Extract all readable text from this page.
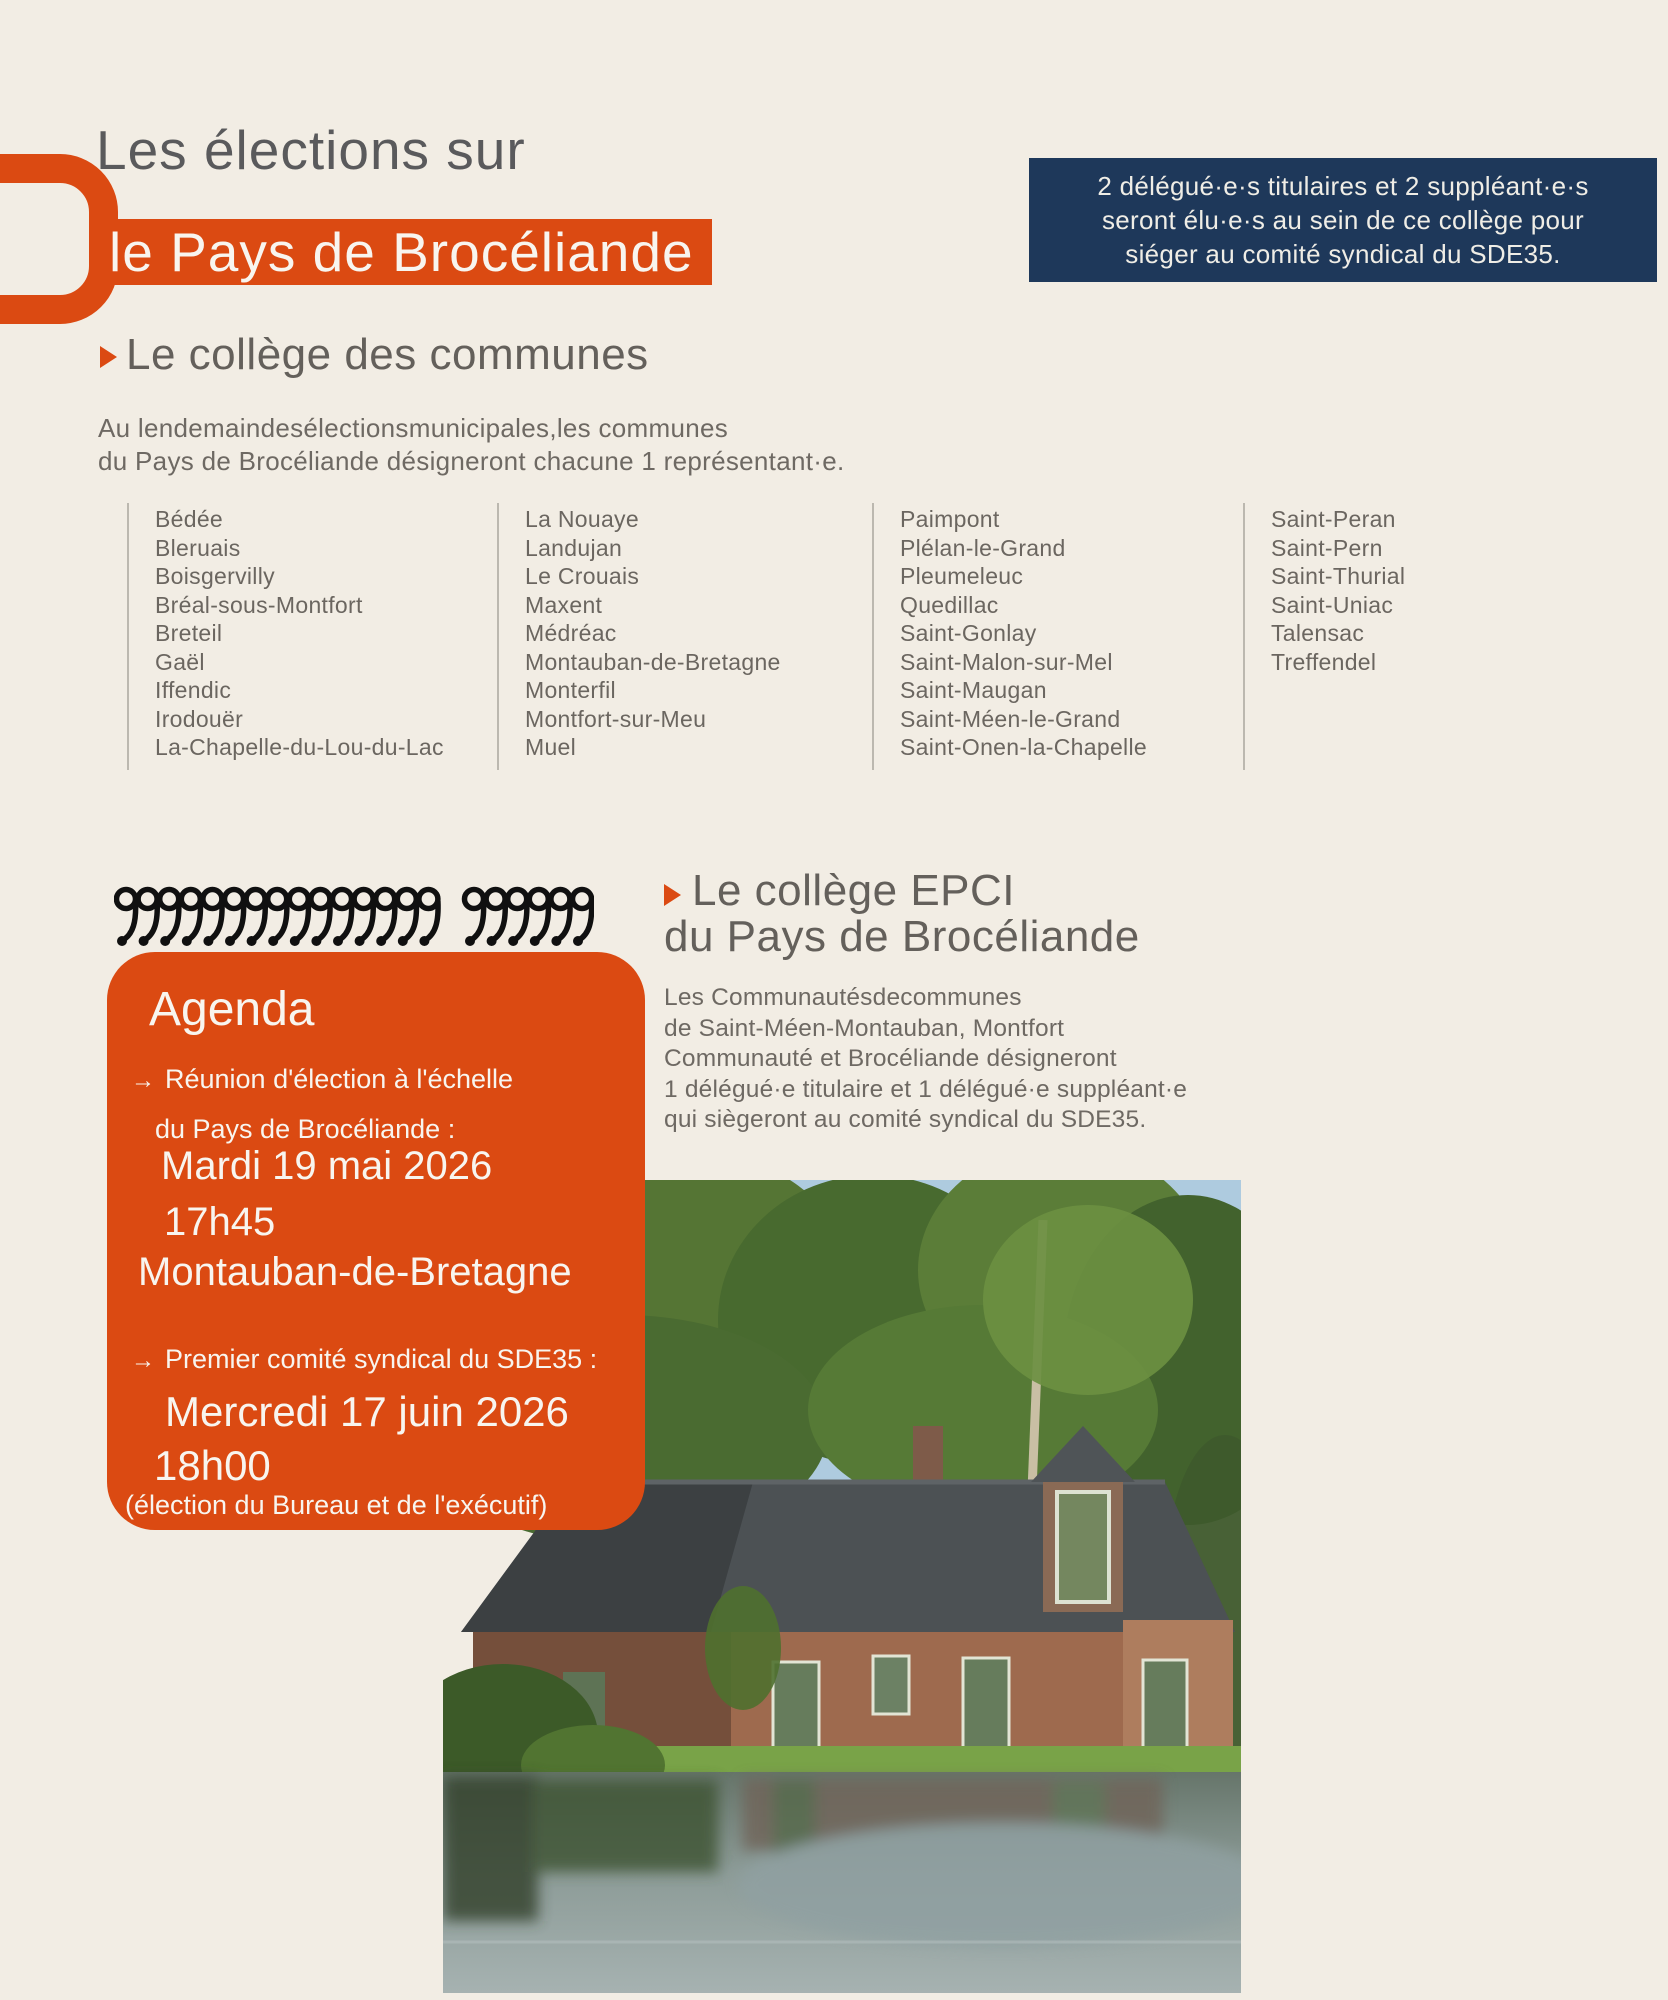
Les élections sur
le Pays de Brocéliande
2 délégué·e·s titulaires et 2 suppléant·e·s
seront élu·e·s au sein de ce collège pour
siéger au comité syndical du SDE35.
Le collège des communes
Au lendemaindesélectionsmunicipales,les communes
du Pays de Brocéliande désigneront chacune 1 représentant·e.
Bédée
Bleruais
Boisgervilly
Bréal-sous-Montfort
Breteil
Gaël
Iffendic
Irodouër
La-Chapelle-du-Lou-du-Lac
La Nouaye
Landujan
Le Crouais
Maxent
Médréac
Montauban-de-Bretagne
Monterfil
Montfort-sur-Meu
Muel
Paimpont
Plélan-le-Grand
Pleumeleuc
Quedillac
Saint-Gonlay
Saint-Malon-sur-Mel
Saint-Maugan
Saint-Méen-le-Grand
Saint-Onen-la-Chapelle
Saint-Peran
Saint-Pern
Saint-Thurial
Saint-Uniac
Talensac
Treffendel
Le collège EPCI
du Pays de Brocéliande
Les Communautésdecommunes
de Saint-Méen-Montauban, Montfort
Communauté et Brocéliande désigneront
1 délégué·e titulaire et 1 délégué·e suppléant·e
qui siègeront au comité syndical du SDE35.
Agenda
→ Réunion d'élection à l'échelle
du Pays de Brocéliande :
Mardi 19 mai 2026
17h45
Montauban-de-Bretagne
→ Premier comité syndical du SDE35 :
Mercredi 17 juin 2026
18h00
(élection du Bureau et de l'exécutif)
